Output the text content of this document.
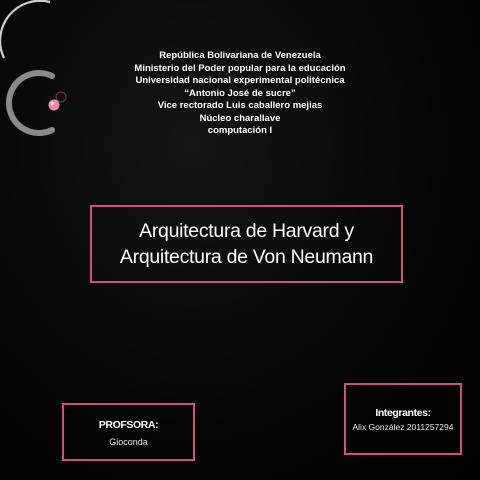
República Bolivariana de Venezuela
Ministerio del Poder popular para la educación
Universidad nacional experimental politécnica
“Antonio José de sucre”
Vice rectorado Luis caballero mejias
Núcleo charallave
computación I
Arquitectura de Harvard y
Arquitectura de Von Neumann
PROFSORA:
Gioconda
Integrantes:
Alix González 2011257294
